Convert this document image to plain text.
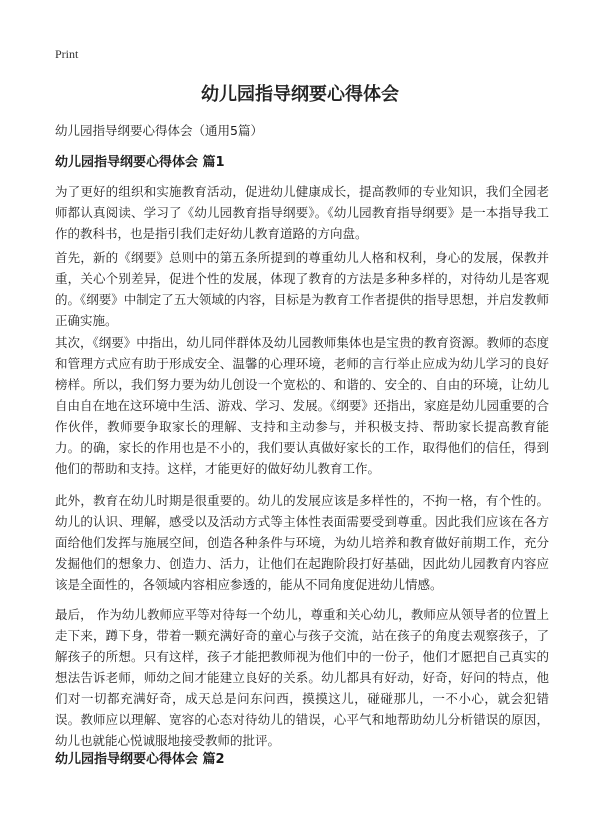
Print
幼儿园指导纲要心得体会
幼儿园指导纲要心得体会（通用5篇）
幼儿园指导纲要心得体会 篇1

为了更好的组织和实施教育活动，促进幼儿健康成长，提高教师的专业知识，我们全园老师都认真阅读、学习了《幼儿园教育指导纲要》。《幼儿园教育指导纲要》是一本指导我工作的教科书，也是指引我们走好幼儿教育道路的方向盘。

首先，新的《纲要》总则中的第五条所提到的尊重幼儿人格和权利，身心的发展，保教并重，关心个别差异，促进个性的发展，体现了教育的方法是多种多样的，对待幼儿是客观的。《纲要》中制定了五大领域的内容，目标是为教育工作者提供的指导思想，并启发教师正确实施。

其次，《纲要》中指出，幼儿同伴群体及幼儿园教师集体也是宝贵的教育资源。教师的态度和管理方式应有助于形成安全、温馨的心理环境，老师的言行举止应成为幼儿学习的良好榜样。所以，我们努力要为幼儿创设一个宽松的、和谐的、安全的、自由的环境，让幼儿自由自在地在这环境中生活、游戏、学习、发展。《纲要》还指出，家庭是幼儿园重要的合作伙伴，教师要争取家长的理解、支持和主动参与，并积极支持、帮助家长提高教育能力。的确，家长的作用也是不小的，我们要认真做好家长的工作，取得他们的信任，得到他们的帮助和支持。这样，才能更好的做好幼儿教育工作。

此外，教育在幼儿时期是很重要的。幼儿的发展应该是多样性的，不拘一格，有个性的。幼儿的认识、理解，感受以及活动方式等主体性表面需要受到尊重。因此我们应该在各方面给他们发挥与施展空间，创造各种条件与环境，为幼儿培养和教育做好前期工作，充分发掘他们的想象力、创造力、活力，让他们在起跑阶段打好基础，因此幼儿园教育内容应该是全面性的，各领域内容相应参透的，能从不同角度促进幼儿情感。

最后， 作为幼儿教师应平等对待每一个幼儿，尊重和关心幼儿，教师应从领导者的位置上走下来，蹲下身，带着一颗充满好奇的童心与孩子交流，站在孩子的角度去观察孩子，了解孩子的所想。只有这样，孩子才能把教师视为他们中的一份子，他们才愿把自己真实的想法告诉老师，师幼之间才能建立良好的关系。幼儿都具有好动，好奇，好问的特点，他们对一切都充满好奇，成天总是问东问西，摸摸这儿，碰碰那儿，一不小心，就会犯错误。教师应以理解、宽容的心态对待幼儿的错误，心平气和地帮助幼儿分析错误的原因，幼儿也就能心悦诚服地接受教师的批评。

幼儿园指导纲要心得体会 篇2
